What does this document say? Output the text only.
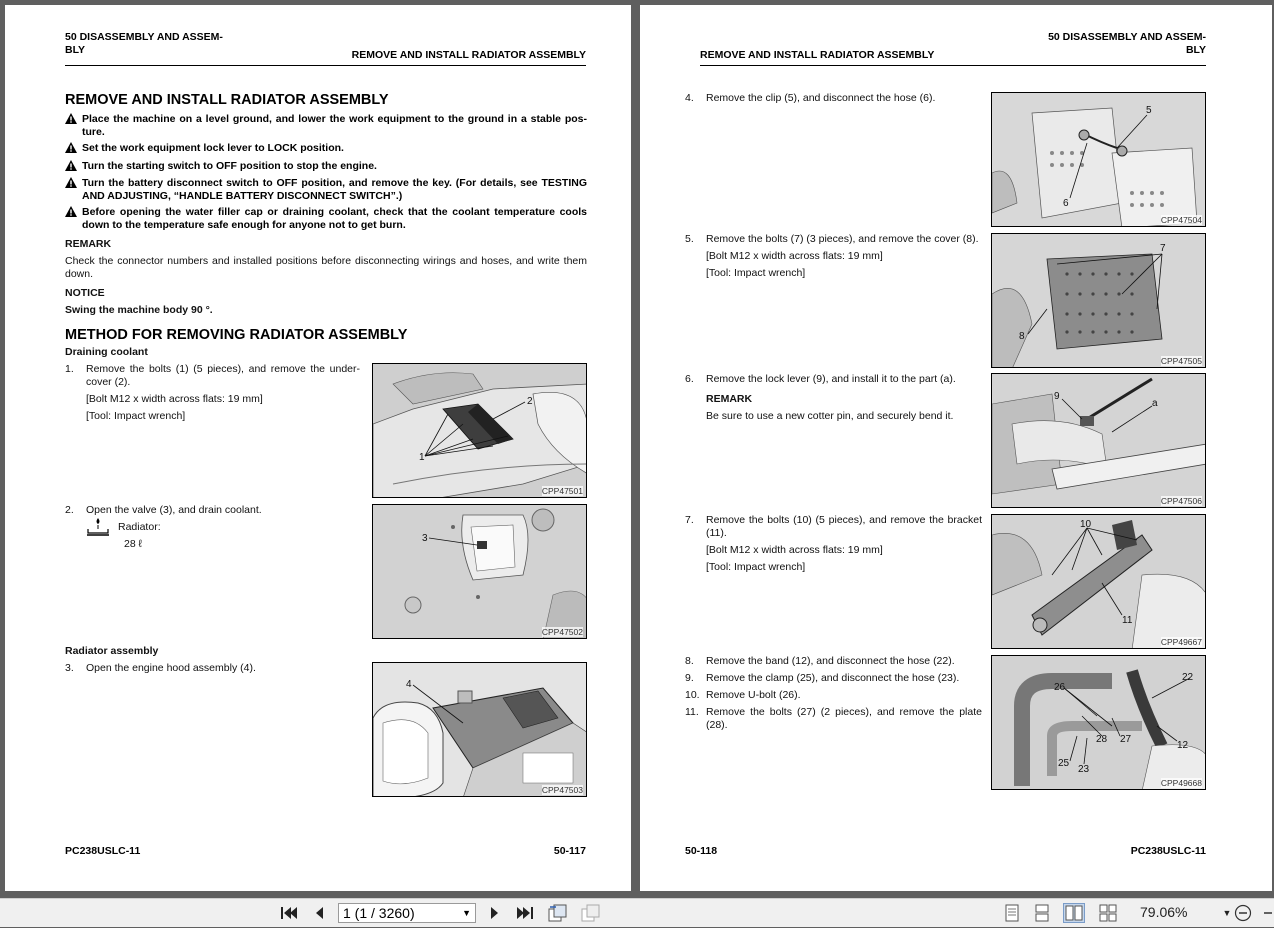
50 DISASSEMBLY AND ASSEM-
BLY	REMOVE AND INSTALL RADIATOR ASSEMBLY
REMOVE AND INSTALL RADIATOR ASSEMBLY
Place the machine on a level ground, and lower the work equipment to the ground in a stable pos-ture.
Set the work equipment lock lever to LOCK position.
Turn the starting switch to OFF position to stop the engine.
Turn the battery disconnect switch to OFF position, and remove the key. (For details, see TESTING AND ADJUSTING, “HANDLE BATTERY DISCONNECT SWITCH”.)
Before opening the water filler cap or draining coolant, check that the coolant temperature cools down to the temperature safe enough for anyone not to get burn.
REMARK
Check the connector numbers and installed positions before disconnecting wirings and hoses, and write them down.
NOTICE
Swing the machine body 90 °.
METHOD FOR REMOVING RADIATOR ASSEMBLY
Draining coolant
1. Remove the bolts (1) (5 pieces), and remove the under-cover (2).
[Bolt M12 x width across flats: 19 mm]
[Tool: Impact wrench]
1
2
CPP47501
2. Open the valve (3), and drain coolant.
Radiator:
28 ℓ	3
CPP47502
Radiator assembly
3. Open the engine hood assembly (4).
4
CPP47503
PC238USLC-11	50-117
REMOVE AND INSTALL RADIATOR ASSEMBLY
50 DISASSEMBLY AND ASSEM-
BLY
4. Remove the clip (5), and disconnect the hose (6).
5
6
CPP47504
5. Remove the bolts (7) (3 pieces), and remove the cover (8).
[Bolt M12 x width across flats: 19 mm]
[Tool: Impact wrench]
7
8
CPP47505
6. Remove the lock lever (9), and install it to the part (a).
REMARK
Be sure to use a new cotter pin, and securely bend it.
9
a
CPP47506
7. Remove the bolts (10) (5 pieces), and remove the bracket (11).
[Bolt M12 x width across flats: 19 mm]
[Tool: Impact wrench]
10
11
CPP49667
8. Remove the band (12), and disconnect the hose (22).
9. Remove the clamp (25), and disconnect the hose (23).
10. Remove U-bolt (26).
11. Remove the bolts (27) (2 pieces), and remove the plate (28).
22
26
28 27
12
25
23
CPP49668
50-118	PC238USLC-11
1 (1 / 3260)	▼	79.06%	▼
